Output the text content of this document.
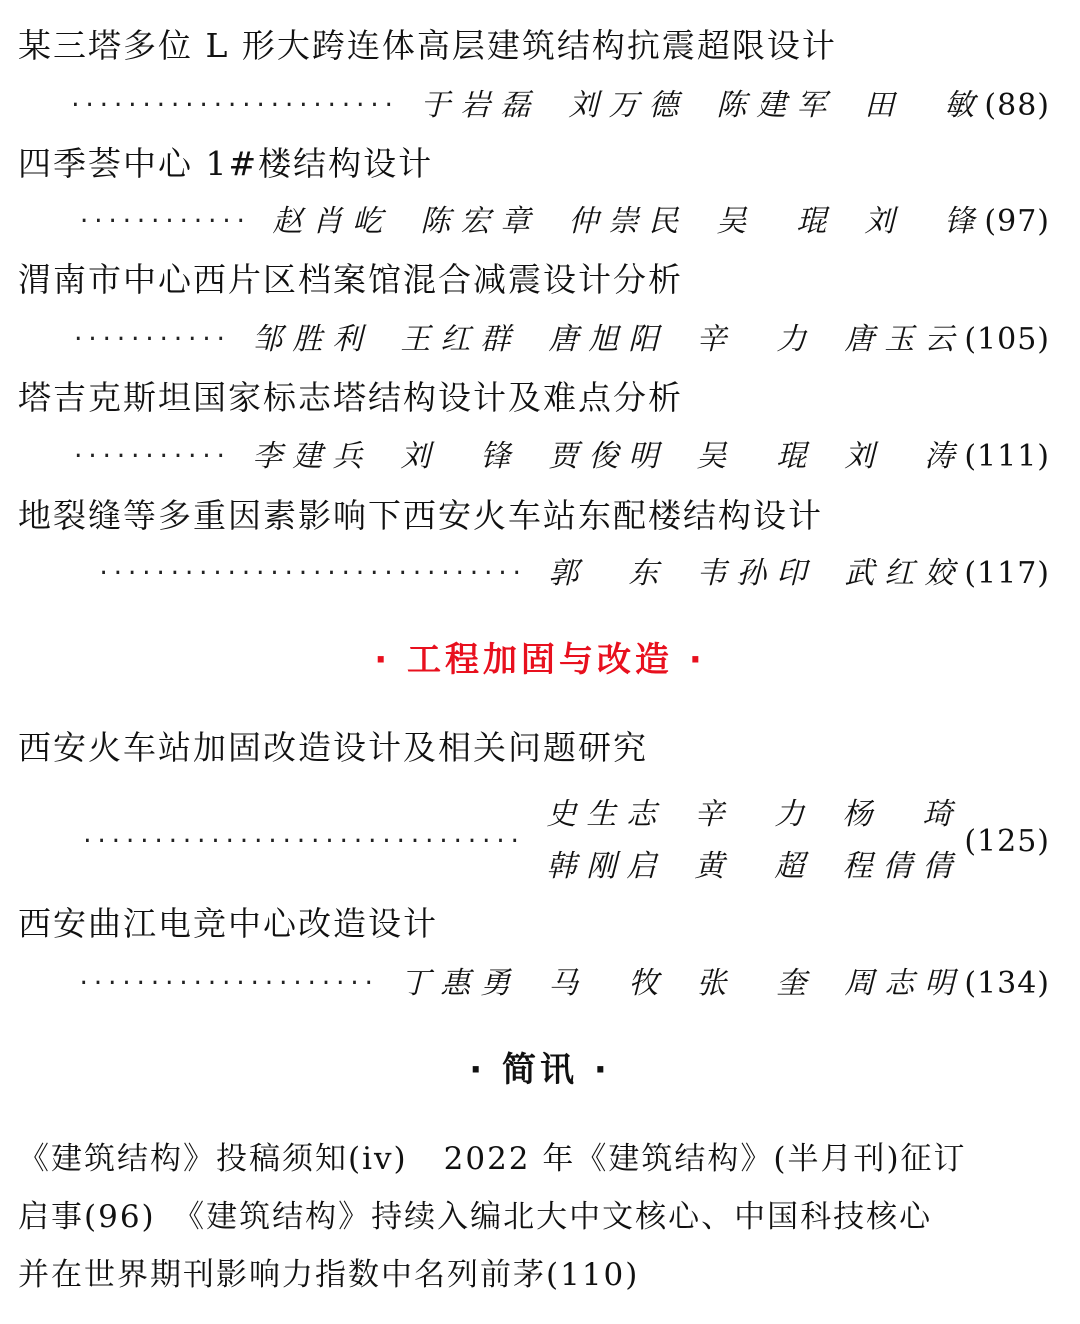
某三塔多位 L 形大跨连体高层建筑结构抗震超限设计
······················· 于岩磊 刘万德 陈建军 田　敏 (88)
四季荟中心 1#楼结构设计
············ 赵肖屹 陈宏章 仲崇民 吴　琨 刘　锋 (97)
渭南市中心西片区档案馆混合减震设计分析
··········· 邹胜利 王红群 唐旭阳 辛　力 唐玉云 (105)
塔吉克斯坦国家标志塔结构设计及难点分析
··········· 李建兵 刘　锋 贾俊明 吴　琨 刘　涛 (111)
地裂缝等多重因素影响下西安火车站东配楼结构设计
······························ 郭　东 韦孙印 武红姣 (117)
· 工程加固与改造 ·
西安火车站加固改造设计及相关问题研究
·······························
史生志 辛　力 杨　琦
韩刚启 黄　超 程倩倩
(125)
西安曲江电竞中心改造设计
····················· 丁惠勇 马　牧 张　奎 周志明 (134)
· 简讯 ·
《建筑结构》投稿须知(iv) 2022 年《建筑结构》(半月刊)征订
启事(96)　《建筑结构》持续入编北大中文核心、中国科技核心
并在世界期刊影响力指数中名列前茅(110)
